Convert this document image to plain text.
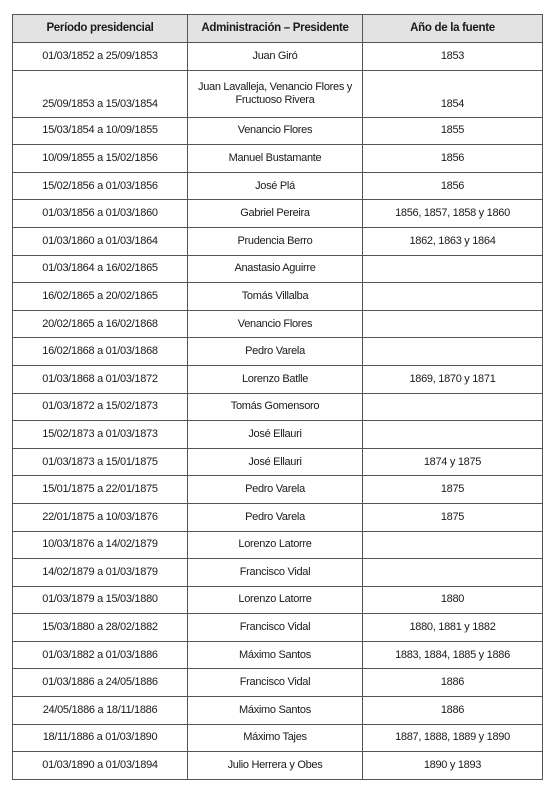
Período presidencial	Administración – Presidente	Año de la fuente
01/03/1852 a 25/09/1853	Juan Giró	1853
25/09/1853 a 15/03/1854	Juan Lavalleja, Venancio Flores y Fructuoso Rivera	1854
15/03/1854 a 10/09/1855	Venancio Flores	1855
10/09/1855 a 15/02/1856	Manuel Bustamante	1856
15/02/1856 a 01/03/1856	José Plá	1856
01/03/1856 a 01/03/1860	Gabriel Pereira	1856, 1857, 1858 y 1860
01/03/1860 a 01/03/1864	Prudencia Berro	1862, 1863 y 1864
01/03/1864 a 16/02/1865	Anastasio Aguirre	
16/02/1865 a 20/02/1865	Tomás Villalba	
20/02/1865 a 16/02/1868	Venancio Flores	
16/02/1868 a 01/03/1868	Pedro Varela	
01/03/1868 a 01/03/1872	Lorenzo Batlle	1869, 1870 y 1871
01/03/1872 a 15/02/1873	Tomás Gomensoro	
15/02/1873 a 01/03/1873	José Ellauri	
01/03/1873 a 15/01/1875	José Ellauri	1874 y 1875
15/01/1875 a 22/01/1875	Pedro Varela	1875
22/01/1875 a 10/03/1876	Pedro Varela	1875
10/03/1876 a 14/02/1879	Lorenzo Latorre	
14/02/1879 a 01/03/1879	Francisco Vidal	
01/03/1879 a 15/03/1880	Lorenzo Latorre	1880
15/03/1880 a 28/02/1882	Francisco Vidal	1880, 1881 y 1882
01/03/1882 a 01/03/1886	Máximo Santos	1883, 1884, 1885 y 1886
01/03/1886 a 24/05/1886	Francisco Vidal	1886
24/05/1886 a 18/11/1886	Máximo Santos	1886
18/11/1886 a 01/03/1890	Máximo Tajes	1887, 1888, 1889 y 1890
01/03/1890 a 01/03/1894	Julio Herrera y Obes	1890 y 1893
